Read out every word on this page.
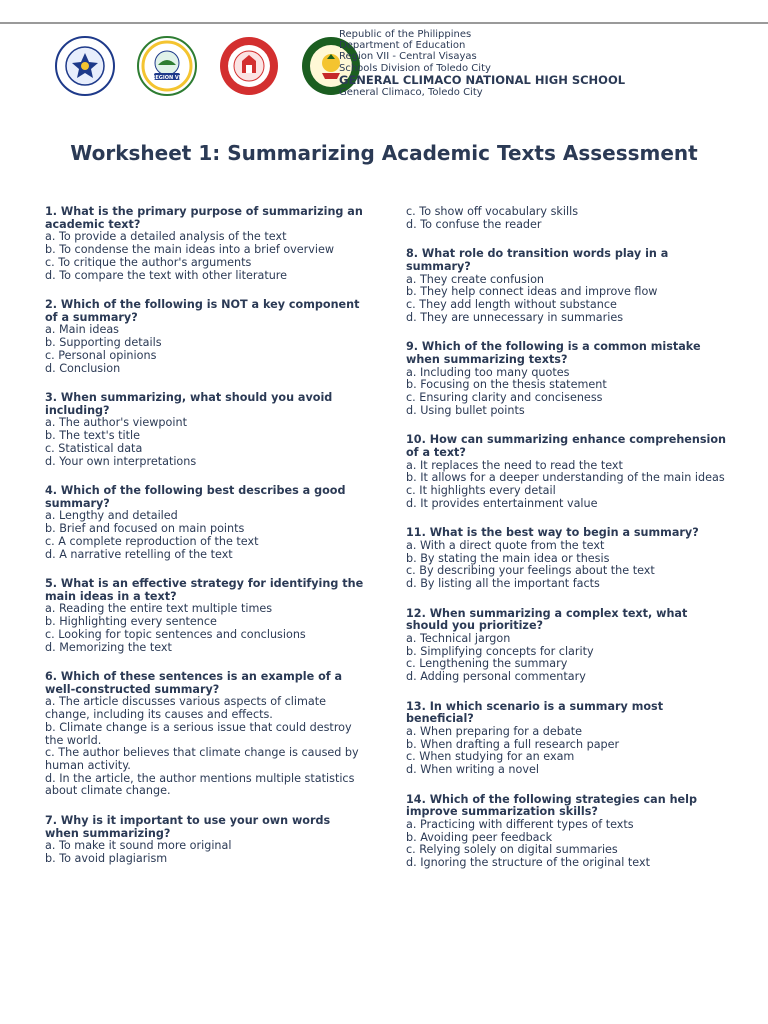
REGION VII
Republic of the Philippines
Department of Education
Region VII - Central Visayas
Schools Division of Toledo City
GENERAL CLIMACO NATIONAL HIGH SCHOOL
General Climaco, Toledo City
Worksheet 1: Summarizing Academic Texts Assessment
1. What is the primary purpose of summarizing an academic text?
a. To provide a detailed analysis of the text
b. To condense the main ideas into a brief overview
c. To critique the author's arguments
d. To compare the text with other literature
2. Which of the following is NOT a key component of a summary?
a. Main ideas
b. Supporting details
c. Personal opinions
d. Conclusion
3. When summarizing, what should you avoid including?
a. The author's viewpoint
b. The text's title
c. Statistical data
d. Your own interpretations
4. Which of the following best describes a good summary?
a. Lengthy and detailed
b. Brief and focused on main points
c. A complete reproduction of the text
d. A narrative retelling of the text
5. What is an effective strategy for identifying the main ideas in a text?
a. Reading the entire text multiple times
b. Highlighting every sentence
c. Looking for topic sentences and conclusions
d. Memorizing the text
6. Which of these sentences is an example of a well-constructed summary?
a. The article discusses various aspects of climate change, including its causes and effects.
b. Climate change is a serious issue that could destroy the world.
c. The author believes that climate change is caused by human activity.
d. In the article, the author mentions multiple statistics about climate change.
7. Why is it important to use your own words when summarizing?
a. To make it sound more original
b. To avoid plagiarism
c. To show off vocabulary skills
d. To confuse the reader
8. What role do transition words play in a summary?
a. They create confusion
b. They help connect ideas and improve flow
c. They add length without substance
d. They are unnecessary in summaries
9. Which of the following is a common mistake when summarizing texts?
a. Including too many quotes
b. Focusing on the thesis statement
c. Ensuring clarity and conciseness
d. Using bullet points
10. How can summarizing enhance comprehension of a text?
a. It replaces the need to read the text
b. It allows for a deeper understanding of the main ideas
c. It highlights every detail
d. It provides entertainment value
11. What is the best way to begin a summary?
a. With a direct quote from the text
b. By stating the main idea or thesis
c. By describing your feelings about the text
d. By listing all the important facts
12. When summarizing a complex text, what should you prioritize?
a. Technical jargon
b. Simplifying concepts for clarity
c. Lengthening the summary
d. Adding personal commentary
13. In which scenario is a summary most beneficial?
a. When preparing for a debate
b. When drafting a full research paper
c. When studying for an exam
d. When writing a novel
14. Which of the following strategies can help improve summarization skills?
a. Practicing with different types of texts
b. Avoiding peer feedback
c. Relying solely on digital summaries
d. Ignoring the structure of the original text
